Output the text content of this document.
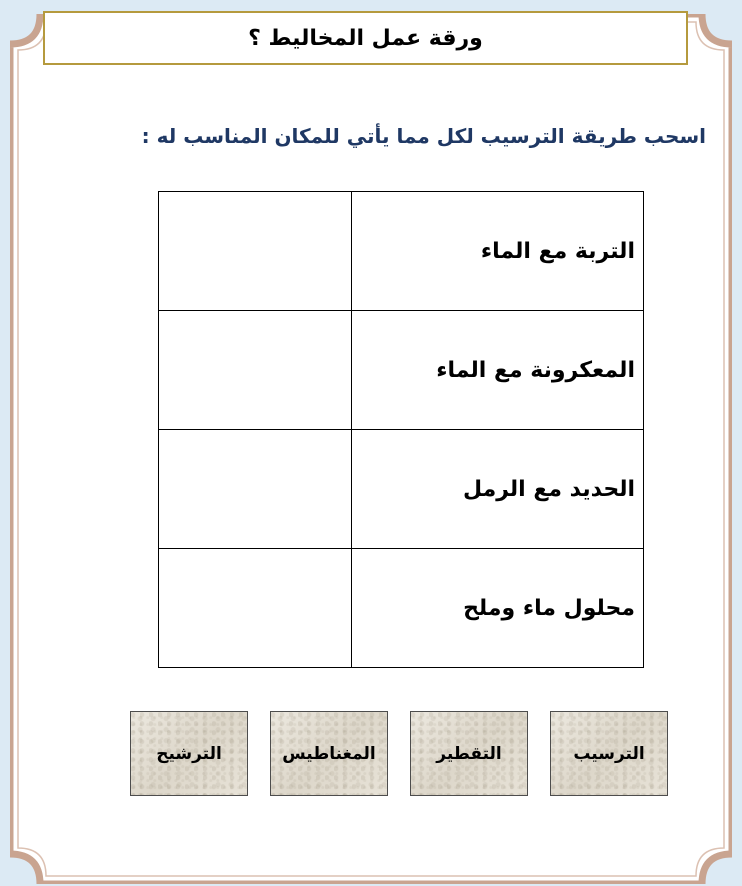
ورقة عمل المخاليط ؟
اسحب طريقة الترسيب لكل مما يأتي للمكان المناسب له :
التربة مع الماء	
المعكرونة مع الماء	
الحديد مع الرمل	
محلول ماء وملح	
الترشيح	المغناطيس	التقطير	الترسيب
